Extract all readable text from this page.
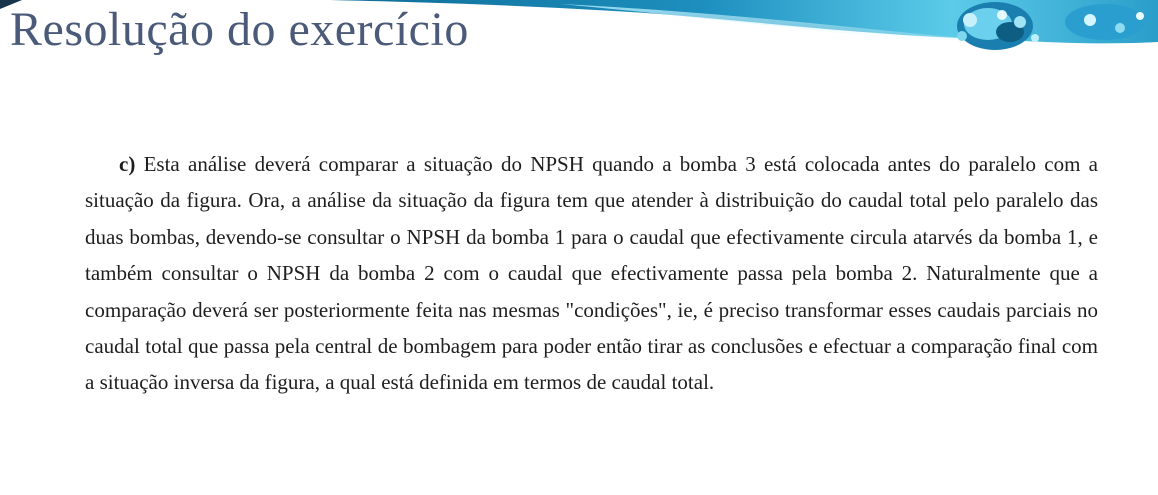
Resolução do exercício

c) Esta análise deverá comparar a situação do NPSH quando a bomba 3 está colocada antes do paralelo com a situação da figura. Ora, a análise da situação da figura tem que atender à distribuição do caudal total pelo paralelo das duas bombas, devendo-se consultar o NPSH da bomba 1 para o caudal que efectivamente circula atarvés da bomba 1, e também consultar o NPSH da bomba 2 com o caudal que efectivamente passa pela bomba 2. Naturalmente que a comparação deverá ser posteriormente feita nas mesmas "condições", ie, é preciso transformar esses caudais parciais no caudal total que passa pela central de bombagem para poder então tirar as conclusões e efectuar a comparação final com a situação inversa da figura, a qual está definida em termos de caudal total.
